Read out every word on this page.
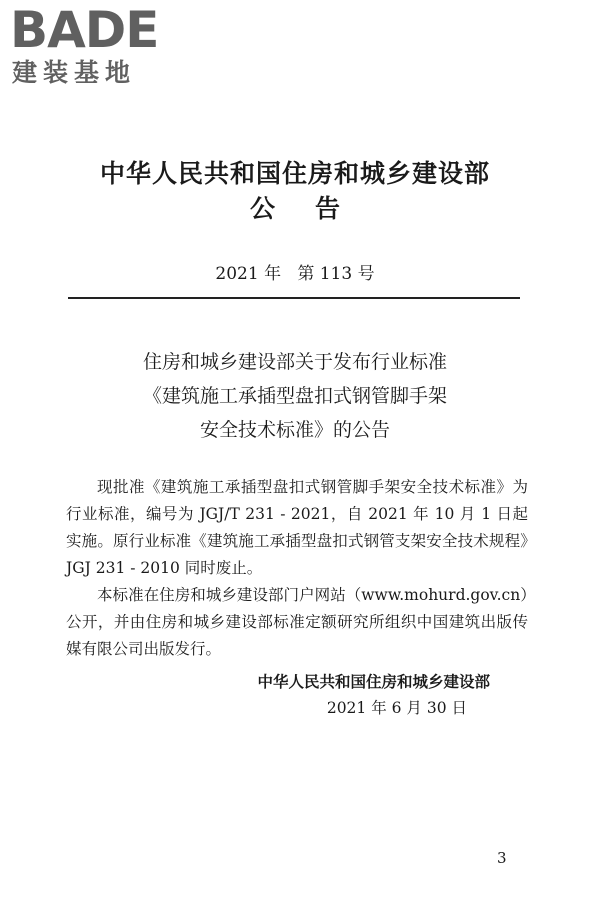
BADE
建装基地
中华人民共和国住房和城乡建设部
公告
2021 年 第 113 号
住房和城乡建设部关于发布行业标准
《建筑施工承插型盘扣式钢管脚手架
安全技术标准》的公告

现批准《建筑施工承插型盘扣式钢管脚手架安全技术标准》为行业标准，编号为 JGJ/T 231 - 2021，自 2021 年 10 月 1 日起实施。原行业标准《建筑施工承插型盘扣式钢管支架安全技术规程》JGJ 231 - 2010 同时废止。

本标准在住房和城乡建设部门户网站（www.mohurd.gov.cn）公开，并由住房和城乡建设部标准定额研究所组织中国建筑出版传媒有限公司出版发行。

中华人民共和国住房和城乡建设部
2021 年 6 月 30 日
3
